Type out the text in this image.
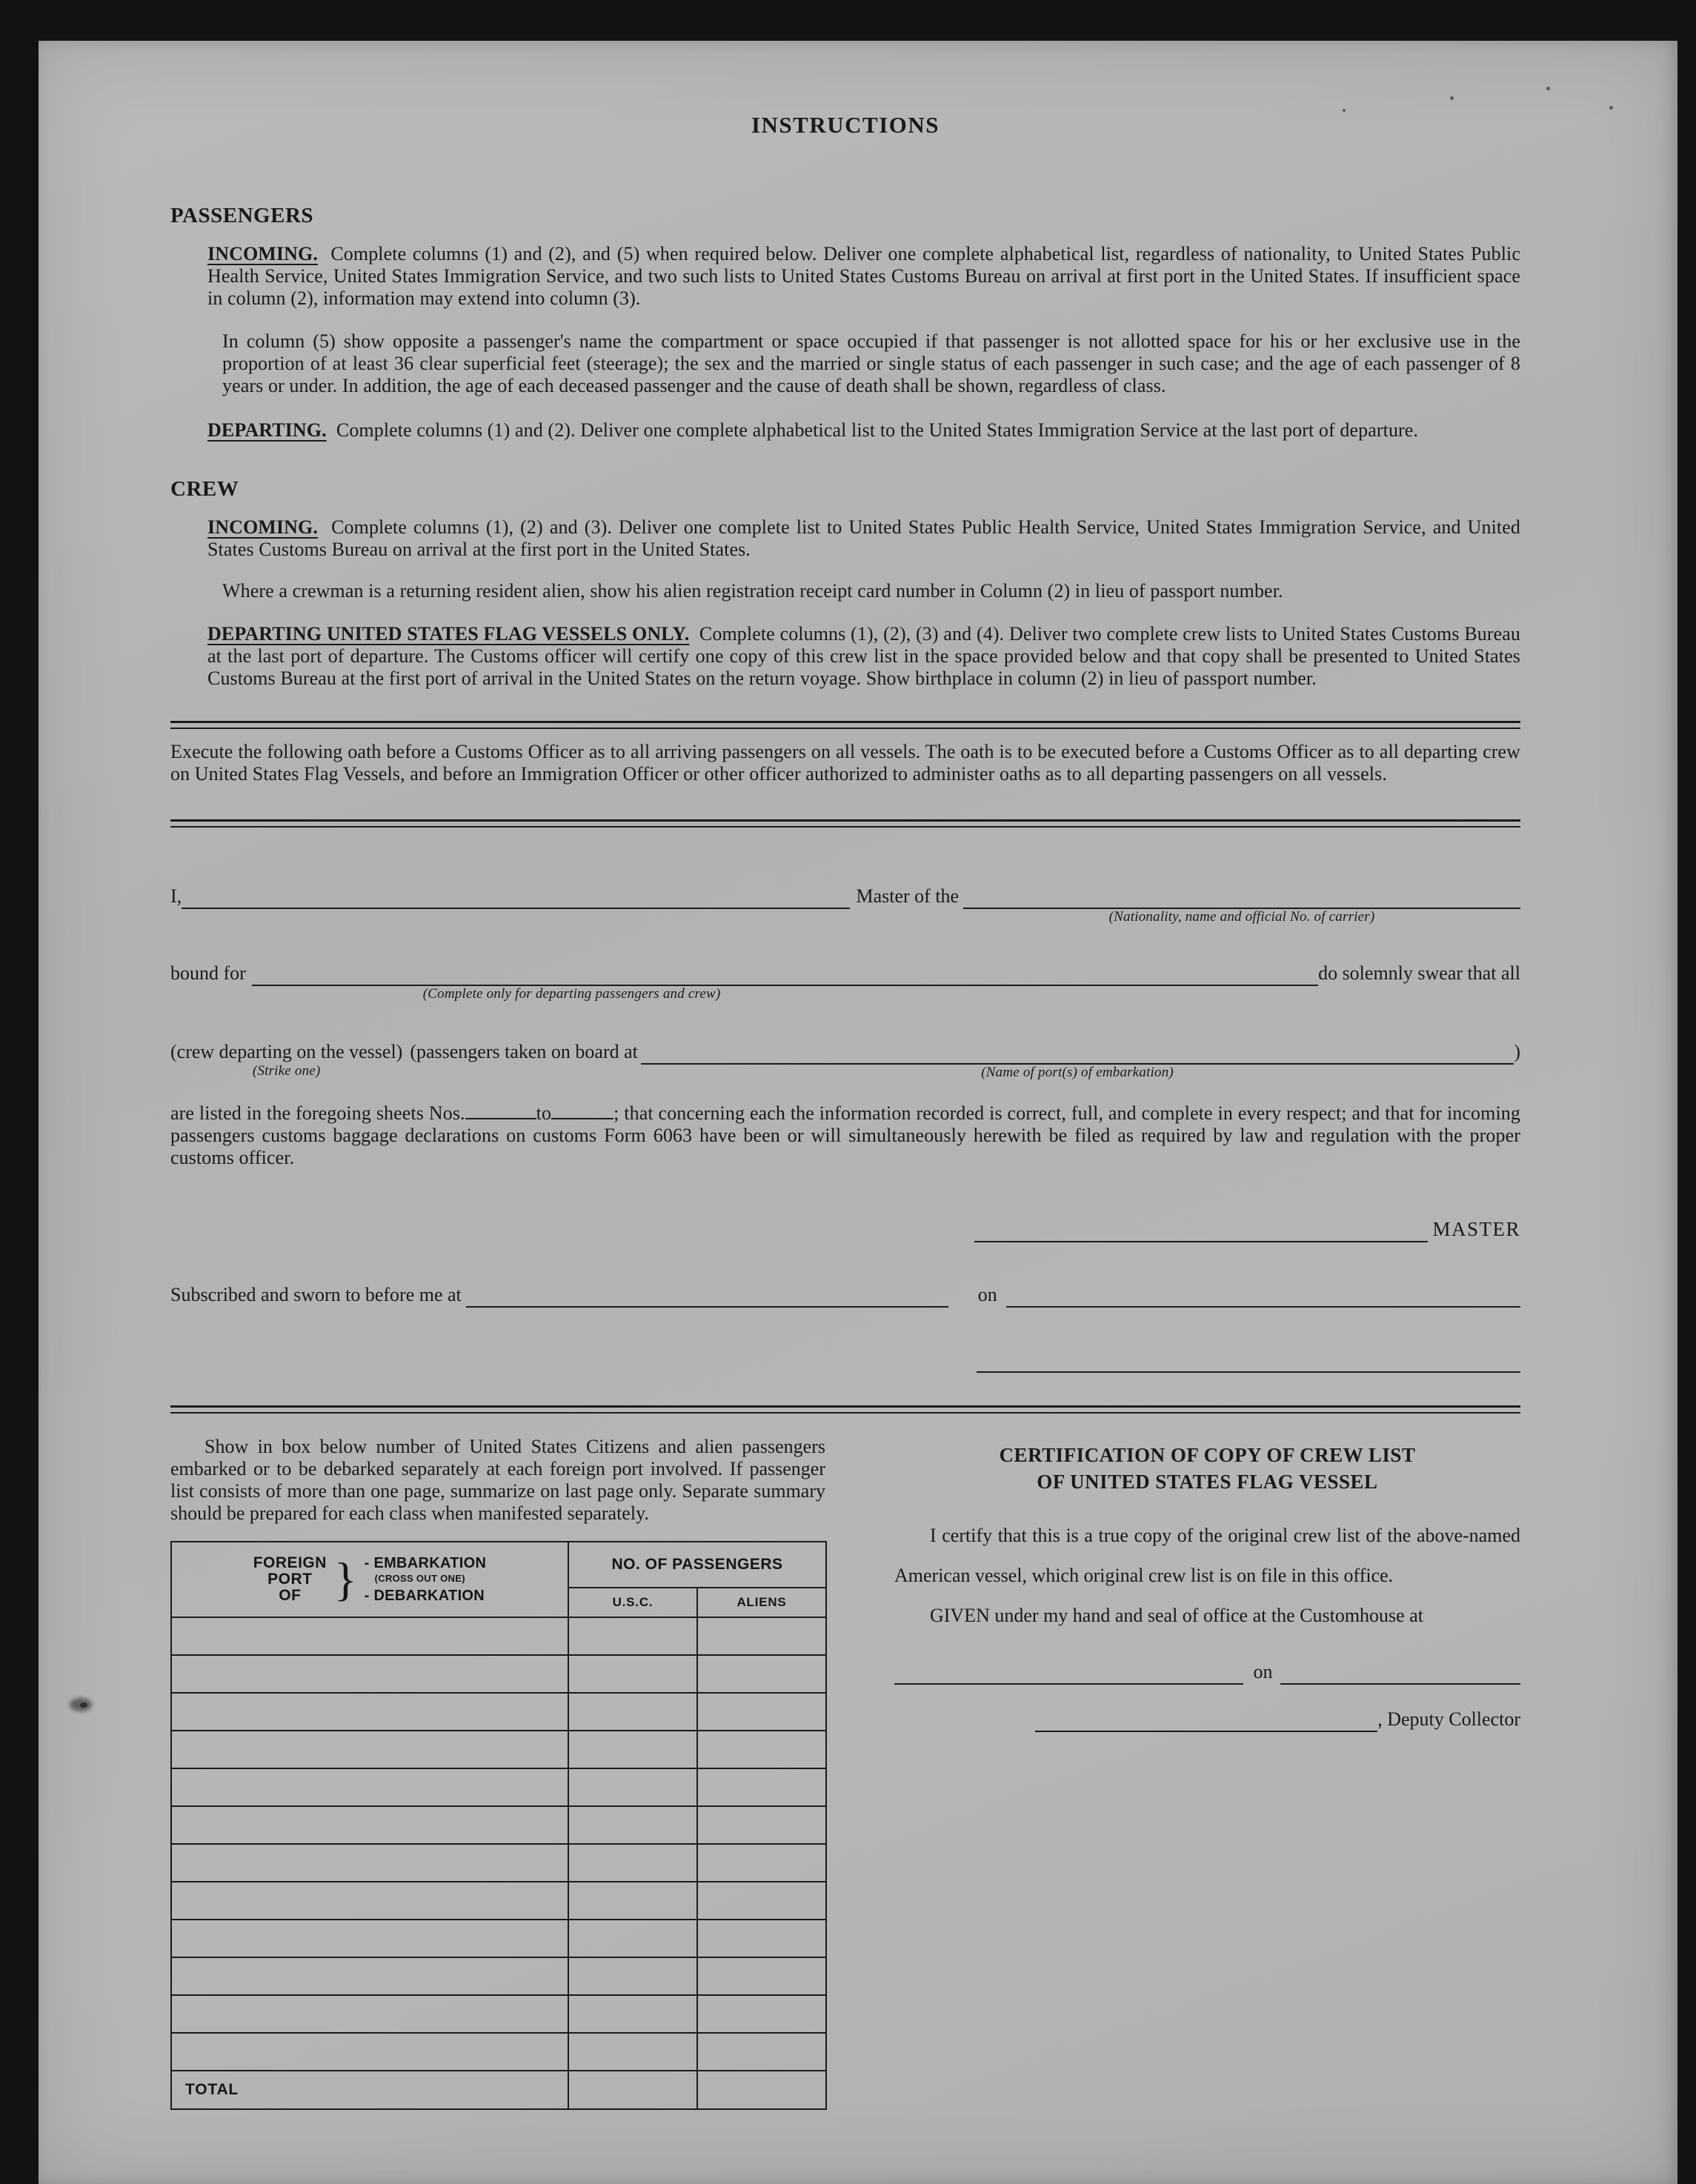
INSTRUCTIONS
PASSENGERS

INCOMING. Complete columns (1) and (2), and (5) when required below. Deliver one complete alphabetical list, regardless of nationality, to United States Public Health Service, United States Immigration Service, and two such lists to United States Customs Bureau on arrival at first port in the United States. If insufficient space in column (2), information may extend into column (3).

In column (5) show opposite a passenger's name the compartment or space occupied if that passenger is not allotted space for his or her exclusive use in the proportion of at least 36 clear superficial feet (steerage); the sex and the married or single status of each passenger in such case; and the age of each passenger of 8 years or under. In addition, the age of each deceased passenger and the cause of death shall be shown, regardless of class.

DEPARTING. Complete columns (1) and (2). Deliver one complete alphabetical list to the United States Immigration Service at the last port of departure.

CREW

INCOMING. Complete columns (1), (2) and (3). Deliver one complete list to United States Public Health Service, United States Immigration Service, and United States Customs Bureau on arrival at the first port in the United States.

Where a crewman is a returning resident alien, show his alien registration receipt card number in Column (2) in lieu of passport number.

DEPARTING UNITED STATES FLAG VESSELS ONLY. Complete columns (1), (2), (3) and (4). Deliver two complete crew lists to United States Customs Bureau at the last port of departure. The Customs officer will certify one copy of this crew list in the space provided below and that copy shall be presented to United States Customs Bureau at the first port of arrival in the United States on the return voyage. Show birthplace in column (2) in lieu of passport number.

Execute the following oath before a Customs Officer as to all arriving passengers on all vessels. The oath is to be executed before a Customs Officer as to all departing crew on United States Flag Vessels, and before an Immigration Officer or other officer authorized to administer oaths as to all departing passengers on all vessels.

I,	Master of the
(Nationality, name and official No. of carrier)
bound for
(Complete only for departing passengers and crew)
do solemnly swear that all
(crew departing on the vessel)
(Strike one)
(passengers taken on board at
(Name of port(s) of embarkation)
)

are listed in the foregoing sheets Nos.	to	; that concerning each the information recorded is correct, full, and complete in every respect; and that for incoming passengers customs baggage declarations on customs Form 6063 have been or will simultaneously herewith be filed as required by law and regulation with the proper customs officer.

MASTER
Subscribed and sworn to before me at	on

Show in box below number of United States Citizens and alien passengers embarked or to be debarked separately at each foreign port involved. If passenger list consists of more than one page, summarize on last page only. Separate summary should be prepared for each class when manifested separately.

FOREIGN
PORT
OF } - EMBARKATION
(CROSS OUT ONE)
- DEBARKATION
	NO. OF PASSENGERS
	U.S.C.	ALIENS

TOTAL		
CERTIFICATION OF COPY OF CREW LIST
OF UNITED STATES FLAG VESSEL

I certify that this is a true copy of the original crew list of the above-named American vessel, which original crew list is on file in this office.

GIVEN under my hand and seal of office at the Customhouse at

on
, Deputy Collector
